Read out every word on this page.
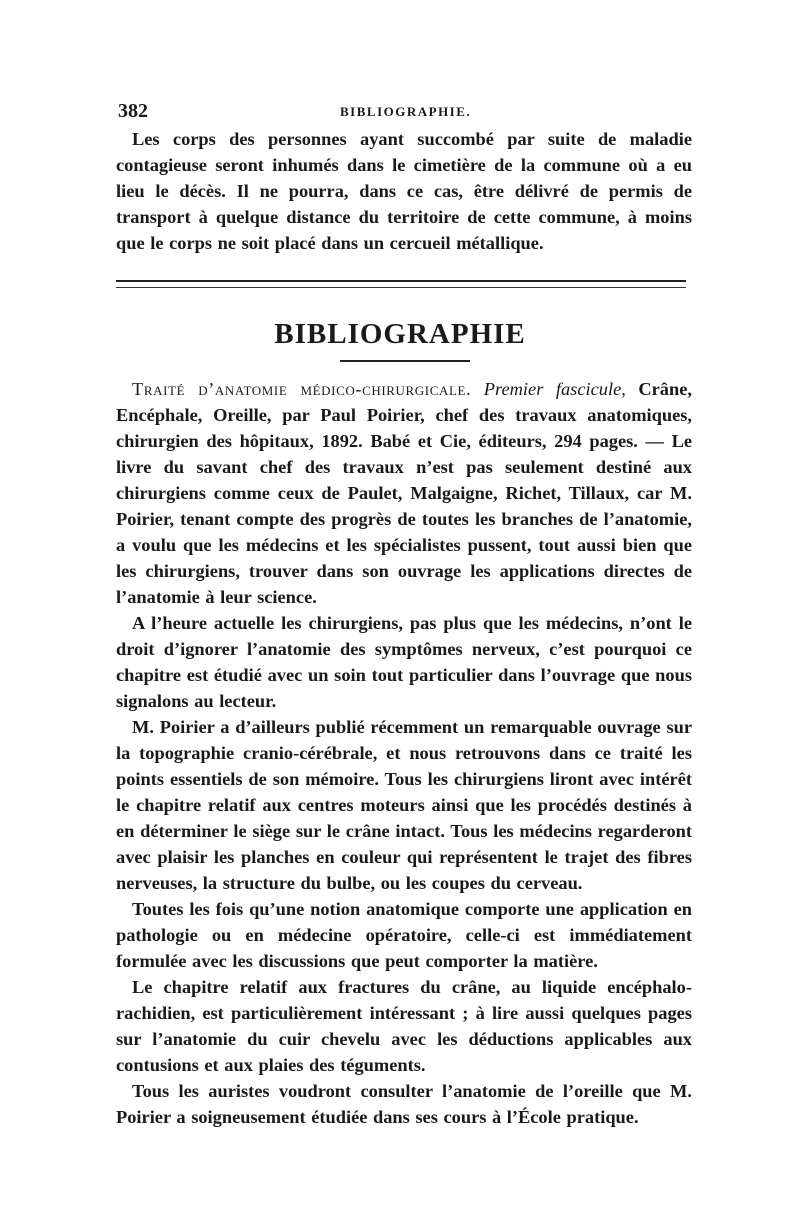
382	BIBLIOGRAPHIE.

Les corps des personnes ayant succombé par suite de maladie contagieuse seront inhumés dans le cimetière de la commune où a eu lieu le décès. Il ne pourra, dans ce cas, être délivré de permis de transport à quelque distance du territoire de cette commune, à moins que le corps ne soit placé dans un cercueil métallique.

BIBLIOGRAPHIE

Traité d’anatomie médico-chirurgicale. Premier fascicule, Crâne, Encéphale, Oreille, par Paul Poirier, chef des travaux anatomiques, chirurgien des hôpitaux, 1892. Babé et Cie, éditeurs, 294 pages. — Le livre du savant chef des travaux n’est pas seulement destiné aux chirurgiens comme ceux de Paulet, Malgaigne, Richet, Tillaux, car M. Poirier, tenant compte des progrès de toutes les branches de l’anatomie, a voulu que les médecins et les spécialistes pussent, tout aussi bien que les chirurgiens, trouver dans son ouvrage les applications directes de l’anatomie à leur science.

A l’heure actuelle les chirurgiens, pas plus que les médecins, n’ont le droit d’ignorer l’anatomie des symptômes nerveux, c’est pourquoi ce chapitre est étudié avec un soin tout particulier dans l’ouvrage que nous signalons au lecteur.

M. Poirier a d’ailleurs publié récemment un remarquable ouvrage sur la topographie cranio-cérébrale, et nous retrouvons dans ce traité les points essentiels de son mémoire. Tous les chirurgiens liront avec intérêt le chapitre relatif aux centres moteurs ainsi que les procédés destinés à en déterminer le siège sur le crâne intact. Tous les médecins regarderont avec plaisir les planches en couleur qui représentent le trajet des fibres nerveuses, la structure du bulbe, ou les coupes du cerveau.

Toutes les fois qu’une notion anatomique comporte une application en pathologie ou en médecine opératoire, celle-ci est immédiatement formulée avec les discussions que peut comporter la matière.

Le chapitre relatif aux fractures du crâne, au liquide encéphalo-rachidien, est particulièrement intéressant ; à lire aussi quelques pages sur l’anatomie du cuir chevelu avec les déductions applicables aux contusions et aux plaies des téguments.

Tous les auristes voudront consulter l’anatomie de l’oreille que M. Poirier a soigneusement étudiée dans ses cours à l’École pratique.
